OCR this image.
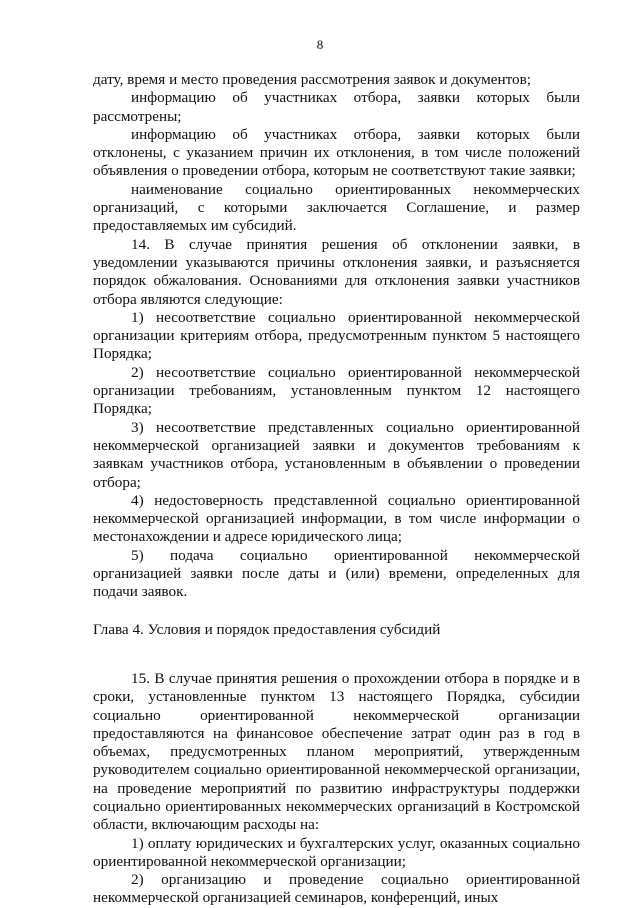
8

дату, время и место проведения рассмотрения заявок и документов;

информацию об участниках отбора, заявки которых были рассмотрены;

информацию об участниках отбора, заявки которых были отклонены, с указанием причин их отклонения, в том числе положений объявления о проведении отбора, которым не соответствуют такие заявки;

наименование социально ориентированных некоммерческих организаций, с которыми заключается Соглашение, и размер предоставляемых им субсидий.

14. В случае принятия решения об отклонении заявки, в уведомлении указываются причины отклонения заявки, и разъясняется порядок обжалования. Основаниями для отклонения заявки участников отбора являются следующие:

1) несоответствие социально ориентированной некоммерческой организации критериям отбора, предусмотренным пунктом 5 настоящего Порядка;

2) несоответствие социально ориентированной некоммерческой организации требованиям, установленным пунктом 12 настоящего Порядка;

3) несоответствие представленных социально ориентированной некоммерческой организацией заявки и документов требованиям к заявкам участников отбора, установленным в объявлении о проведении отбора;

4) недостоверность представленной социально ориентированной некоммерческой организацией информации, в том числе информации о местонахождении и адресе юридического лица;

5) подача социально ориентированной некоммерческой организацией заявки после даты и (или) времени, определенных для подачи заявок.

Глава 4. Условия и порядок предоставления субсидий

15. В случае принятия решения о прохождении отбора в порядке и в сроки, установленные пунктом 13 настоящего Порядка, субсидии социально ориентированной некоммерческой организации предоставляются на финансовое обеспечение затрат один раз в год в объемах, предусмотренных планом мероприятий, утвержденным руководителем социально ориентированной некоммерческой организации, на проведение мероприятий по развитию инфраструктуры поддержки социально ориентированных некоммерческих организаций в Костромской области, включающим расходы на:

1) оплату юридических и бухгалтерских услуг, оказанных социально ориентированной некоммерческой организации;

2) организацию и проведение социально ориентированной некоммерческой организацией семинаров, конференций, иных
